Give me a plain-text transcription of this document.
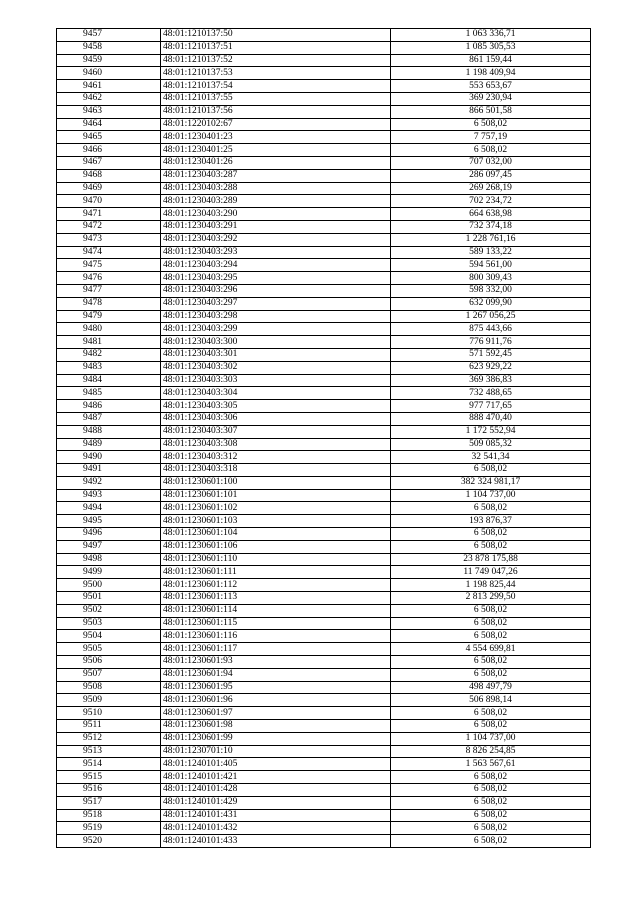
9457	48:01:1210137:50	1 063 336,71
9458	48:01:1210137:51	1 085 305,53
9459	48:01:1210137:52	861 159,44
9460	48:01:1210137:53	1 198 409,94
9461	48:01:1210137:54	553 653,67
9462	48:01:1210137:55	369 230,94
9463	48:01:1210137:56	866 501,58
9464	48:01:1220102:67	6 508,02
9465	48:01:1230401:23	7 757,19
9466	48:01:1230401:25	6 508,02
9467	48:01:1230401:26	707 032,00
9468	48:01:1230403:287	286 097,45
9469	48:01:1230403:288	269 268,19
9470	48:01:1230403:289	702 234,72
9471	48:01:1230403:290	664 638,98
9472	48:01:1230403:291	732 374,18
9473	48:01:1230403:292	1 228 761,16
9474	48:01:1230403:293	589 133,22
9475	48:01:1230403:294	594 561,00
9476	48:01:1230403:295	800 309,43
9477	48:01:1230403:296	598 332,00
9478	48:01:1230403:297	632 099,90
9479	48:01:1230403:298	1 267 056,25
9480	48:01:1230403:299	875 443,66
9481	48:01:1230403:300	776 911,76
9482	48:01:1230403:301	571 592,45
9483	48:01:1230403:302	623 929,22
9484	48:01:1230403:303	369 386,83
9485	48:01:1230403:304	732 488,65
9486	48:01:1230403:305	977 717,65
9487	48:01:1230403:306	888 470,40
9488	48:01:1230403:307	1 172 552,94
9489	48:01:1230403:308	509 085,32
9490	48:01:1230403:312	32 541,34
9491	48:01:1230403:318	6 508,02
9492	48:01:1230601:100	382 324 981,17
9493	48:01:1230601:101	1 104 737,00
9494	48:01:1230601:102	6 508,02
9495	48:01:1230601:103	193 876,37
9496	48:01:1230601:104	6 508,02
9497	48:01:1230601:106	6 508,02
9498	48:01:1230601:110	23 878 175,88
9499	48:01:1230601:111	11 749 047,26
9500	48:01:1230601:112	1 198 825,44
9501	48:01:1230601:113	2 813 299,50
9502	48:01:1230601:114	6 508,02
9503	48:01:1230601:115	6 508,02
9504	48:01:1230601:116	6 508,02
9505	48:01:1230601:117	4 554 699,81
9506	48:01:1230601:93	6 508,02
9507	48:01:1230601:94	6 508,02
9508	48:01:1230601:95	498 497,79
9509	48:01:1230601:96	506 898,14
9510	48:01:1230601:97	6 508,02
9511	48:01:1230601:98	6 508,02
9512	48:01:1230601:99	1 104 737,00
9513	48:01:1230701:10	8 826 254,85
9514	48:01:1240101:405	1 563 567,61
9515	48:01:1240101:421	6 508,02
9516	48:01:1240101:428	6 508,02
9517	48:01:1240101:429	6 508,02
9518	48:01:1240101:431	6 508,02
9519	48:01:1240101:432	6 508,02
9520	48:01:1240101:433	6 508,02
